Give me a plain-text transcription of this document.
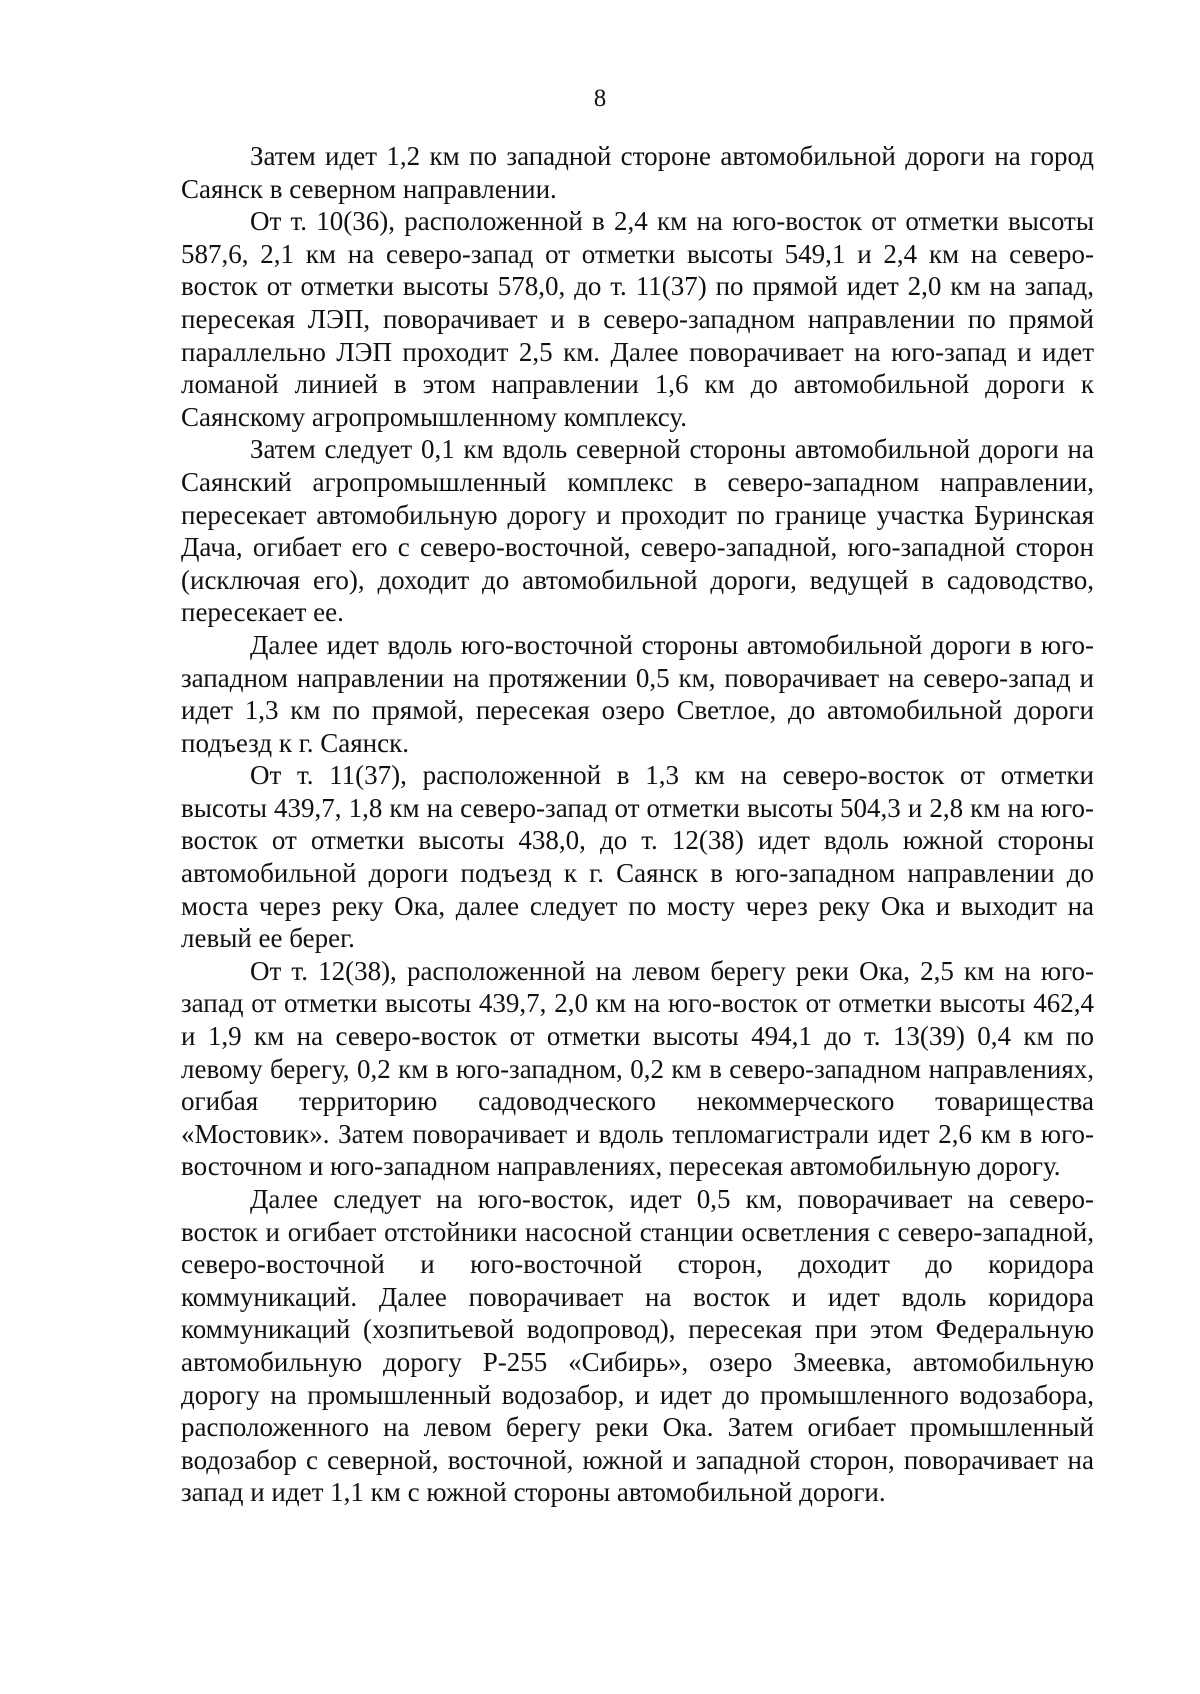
8

Затем идет 1,2 км по западной стороне автомобильной дороги на город Саянск в северном направлении.

От т. 10(36), расположенной в 2,4 км на юго-восток от отметки высоты 587,6, 2,1 км на северо-запад от отметки высоты 549,1 и 2,4 км на северо-восток от отметки высоты 578,0, до т. 11(37) по прямой идет 2,0 км на запад, пересекая ЛЭП, поворачивает и в северо-западном направлении по прямой параллельно ЛЭП проходит 2,5 км. Далее поворачивает на юго-запад и идет ломаной линией в этом направлении 1,6 км до автомобильной дороги к Саянскому агропромышленному комплексу.

Затем следует 0,1 км вдоль северной стороны автомобильной дороги на Саянский агропромышленный комплекс в северо-западном направлении, пересекает автомобильную дорогу и проходит по границе участка Буринская Дача, огибает его с северо-восточной, северо-западной, юго-западной сторон (исключая его), доходит до автомобильной дороги, ведущей в садоводство, пересекает ее.

Далее идет вдоль юго-восточной стороны автомобильной дороги в юго-западном направлении на протяжении 0,5 км, поворачивает на северо-запад и идет 1,3 км по прямой, пересекая озеро Светлое, до автомобильной дороги подъезд к г. Саянск.

От т. 11(37), расположенной в 1,3 км на северо-восток от отметки высоты 439,7, 1,8 км на северо-запад от отметки высоты 504,3 и 2,8 км на юго-восток от отметки высоты 438,0, до т. 12(38) идет вдоль южной стороны автомобильной дороги подъезд к г. Саянск в юго-западном направлении до моста через реку Ока, далее следует по мосту через реку Ока и выходит на левый ее берег.

От т. 12(38), расположенной на левом берегу реки Ока, 2,5 км на юго-запад от отметки высоты 439,7, 2,0 км на юго-восток от отметки высоты 462,4 и 1,9 км на северо-восток от отметки высоты 494,1 до т. 13(39) 0,4 км по левому берегу, 0,2 км в юго-западном, 0,2 км в северо-западном направлениях, огибая территорию садоводческого некоммерческого товарищества «Мостовик». Затем поворачивает и вдоль тепломагистрали идет 2,6 км в юго-восточном и юго-западном направлениях, пересекая автомобильную дорогу.

Далее следует на юго-восток, идет 0,5 км, поворачивает на северо-восток и огибает отстойники насосной станции осветления с северо-западной, северо-восточной и юго-восточной сторон, доходит до коридора коммуникаций. Далее поворачивает на восток и идет вдоль коридора коммуникаций (хозпитьевой водопровод), пересекая при этом Федеральную автомобильную дорогу Р-255 «Сибирь», озеро Змеевка, автомобильную дорогу на промышленный водозабор, и идет до промышленного водозабора, расположенного на левом берегу реки Ока. Затем огибает промышленный водозабор с северной, восточной, южной и западной сторон, поворачивает на запад и идет 1,1 км с южной стороны автомобильной дороги.
